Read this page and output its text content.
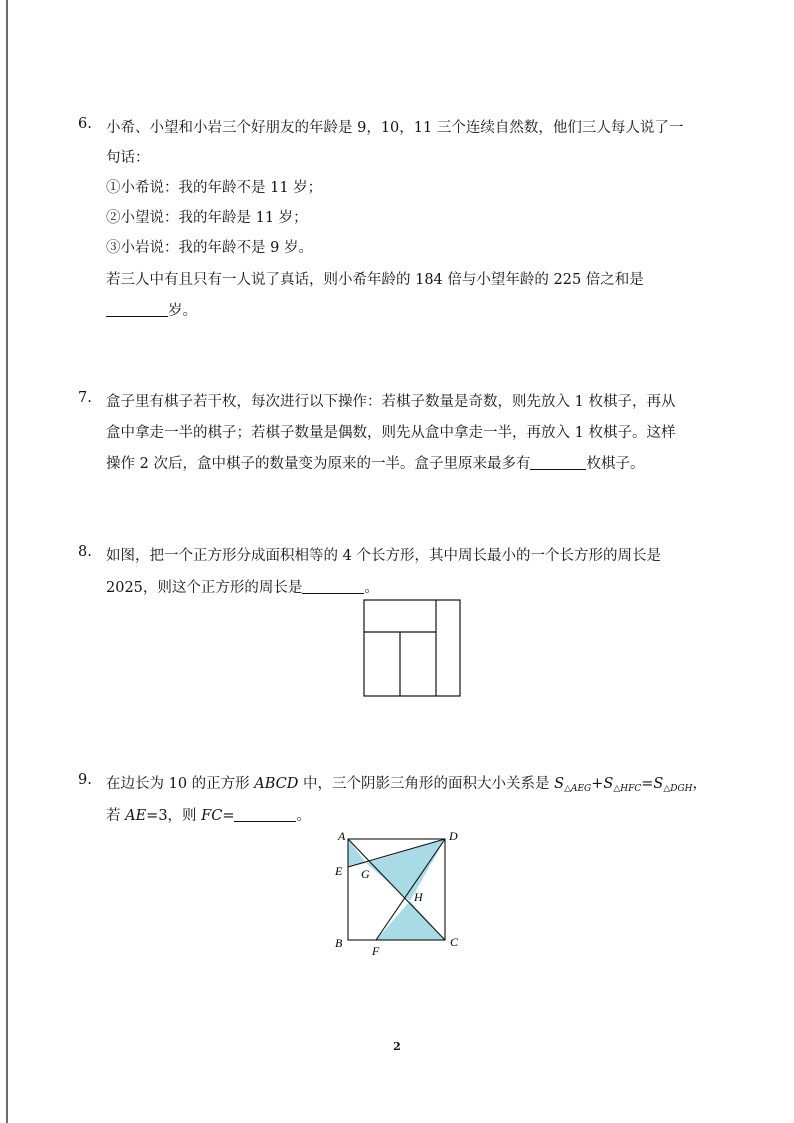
6. 小希、小望和小岩三个好朋友的年龄是 9，10，11 三个连续自然数，他们三人每人说了一
句话：
①小希说：我的年龄不是 11 岁；
②小望说：我的年龄是 11 岁；
③小岩说：我的年龄不是 9 岁。
若三人中有且只有一人说了真话，则小希年龄的 184 倍与小望年龄的 225 倍之和是
岁。
7. 盒子里有棋子若干枚，每次进行以下操作：若棋子数量是奇数，则先放入 1 枚棋子，再从
盒中拿走一半的棋子；若棋子数量是偶数，则先从盒中拿走一半，再放入 1 枚棋子。这样
操作 2 次后，盒中棋子的数量变为原来的一半。盒子里原来最多有	枚棋子。
8. 如图，把一个正方形分成面积相等的 4 个长方形，其中周长最小的一个长方形的周长是
2025，则这个正方形的周长是	。
9. 在边长为 10 的正方形 ABCD 中，三个阴影三角形的面积大小关系是 $S_{\triangle AEG}+S_{\triangle HFC}=S_{\triangle DGH}$，
若 AE=3，则 FC=	。
A	D
E G
H
B
F
C
2
